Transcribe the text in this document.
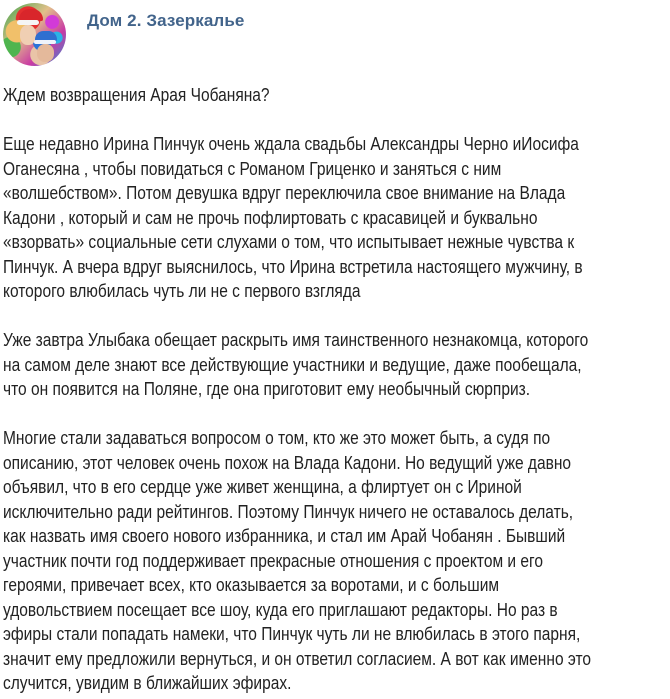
Дом 2. Зазеркалье
Ждем возвращения Арая Чобаняна?
Еще недавно Ирина Пинчук очень ждала свадьбы Александры Черно иИосифа
Оганесяна , чтобы повидаться с Романом Гриценко и заняться с ним
«волшебством». Потом девушка вдруг переключила свое внимание на Влада
Кадони , который и сам не прочь пофлиртовать с красавицей и буквально
«взорвать» социальные сети слухами о том, что испытывает нежные чувства к
Пинчук. А вчера вдруг выяснилось, что Ирина встретила настоящего мужчину, в
которого влюбилась чуть ли не с первого взгляда
Уже завтра Улыбака обещает раскрыть имя таинственного незнакомца, которого
на самом деле знают все действующие участники и ведущие, даже пообещала,
что он появится на Поляне, где она приготовит ему необычный сюрприз.
Многие стали задаваться вопросом о том, кто же это может быть, а судя по
описанию, этот человек очень похож на Влада Кадони. Но ведущий уже давно
объявил, что в его сердце уже живет женщина, а флиртует он с Ириной
исключительно ради рейтингов. Поэтому Пинчук ничего не оставалось делать,
как назвать имя своего нового избранника, и стал им Арай Чобанян . Бывший
участник почти год поддерживает прекрасные отношения с проектом и его
героями, привечает всех, кто оказывается за воротами, и с большим
удовольствием посещает все шоу, куда его приглашают редакторы. Но раз в
эфиры стали попадать намеки, что Пинчук чуть ли не влюбилась в этого парня,
значит ему предложили вернуться, и он ответил согласием. А вот как именно это
случится, увидим в ближайших эфирах.
